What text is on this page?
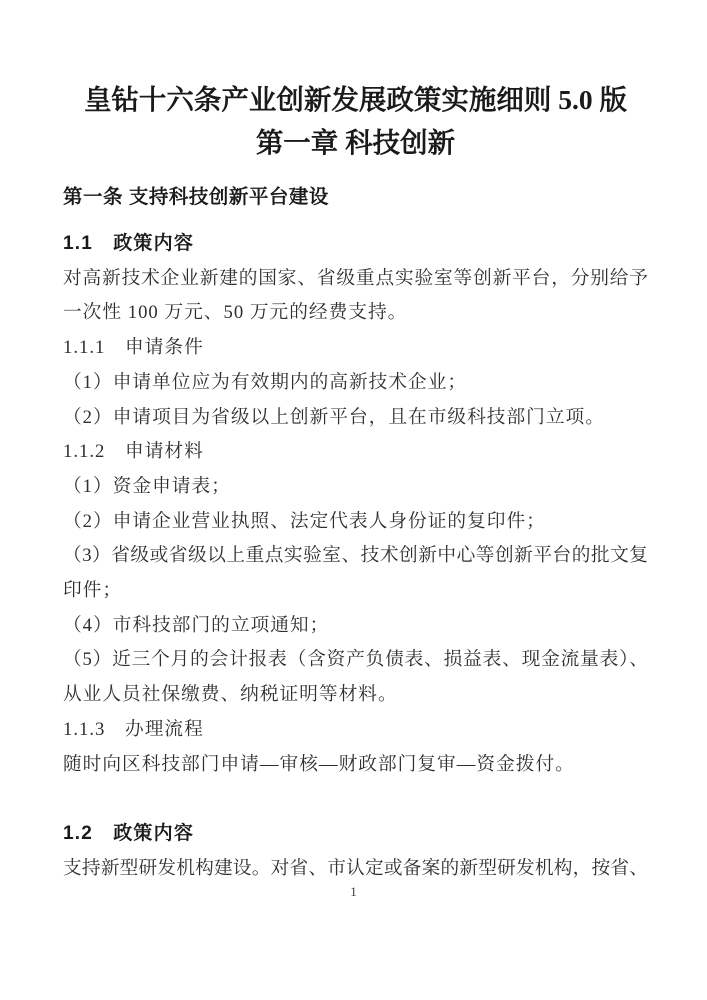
皇钻十六条产业创新发展政策实施细则 5.0 版
第一章 科技创新
第一条 支持科技创新平台建设

1.1　政策内容

对高新技术企业新建的国家、省级重点实验室等创新平台，分别给予

一次性 100 万元、50 万元的经费支持。

1.1.1　申请条件

（1）申请单位应为有效期内的高新技术企业；

（2）申请项目为省级以上创新平台，且在市级科技部门立项。

1.1.2　申请材料

（1）资金申请表；

（2）申请企业营业执照、法定代表人身份证的复印件；

（3）省级或省级以上重点实验室、技术创新中心等创新平台的批文复

印件；

（4）市科技部门的立项通知；

（5）近三个月的会计报表（含资产负债表、损益表、现金流量表）、

从业人员社保缴费、纳税证明等材料。

1.1.3　办理流程

随时向区科技部门申请—审核—财政部门复审—资金拨付。

1.2　政策内容

支持新型研发机构建设。对省、市认定或备案的新型研发机构，按省、

1
